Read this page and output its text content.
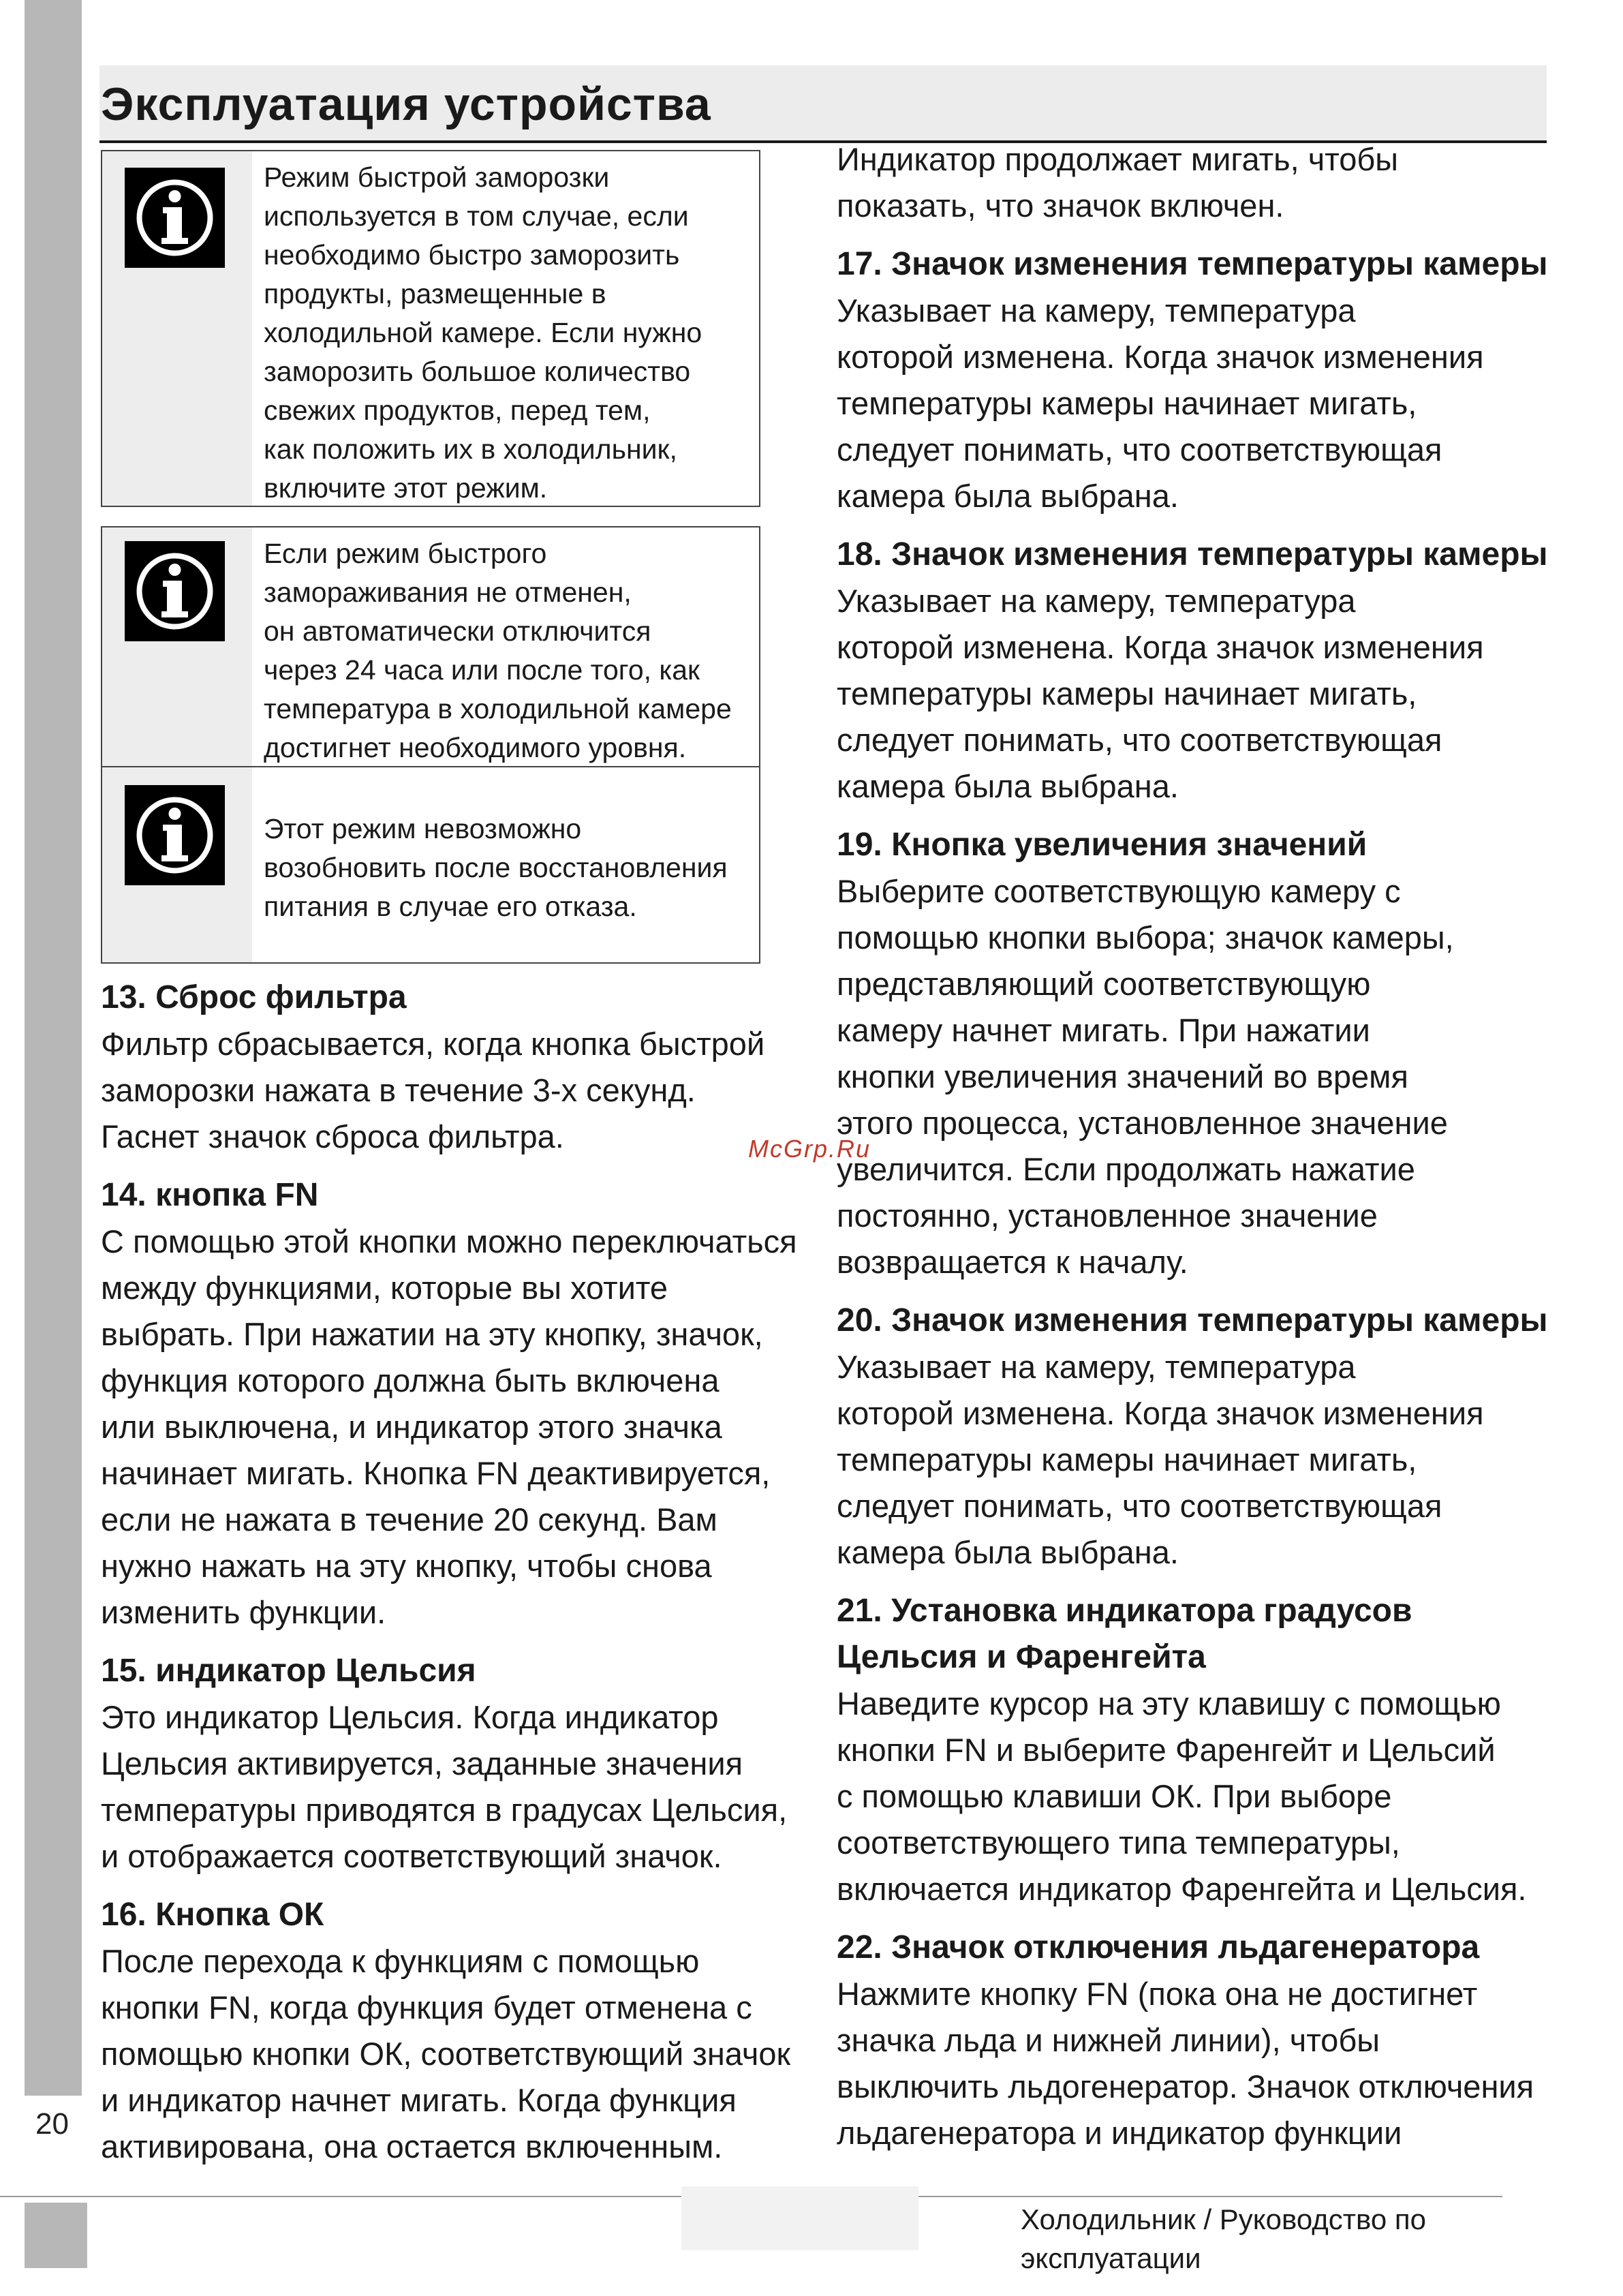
20
Эксплуатация устройства
Режим быстрой заморозки
используется в том случае, если
необходимо быстро заморозить
продукты, размещенные в
холодильной камере. Если нужно
заморозить большое количество
свежих продуктов, перед тем,
как положить их в холодильник,
включите этот режим.
Если режим быстрого
замораживания не отменен,
он автоматически отключится
через 24 часа или после того, как
температура в холодильной камере
достигнет необходимого уровня.
Этот режим невозможно
возобновить после восстановления
питания в случае его отказа.
13. Сброс фильтра
Фильтр сбрасывается, когда кнопка быстрой
заморозки нажата в течение 3-х секунд.
Гаснет значок сброса фильтра.
14. кнопка FN
С помощью этой кнопки можно переключаться
между функциями, которые вы хотите
выбрать. При нажатии на эту кнопку, значок,
функция которого должна быть включена
или выключена, и индикатор этого значка
начинает мигать. Кнопка FN деактивируется,
если не нажата в течение 20 секунд. Вам
нужно нажать на эту кнопку, чтобы снова
изменить функции.
15. индикатор Цельсия
Это индикатор Цельсия. Когда индикатор
Цельсия активируется, заданные значения
температуры приводятся в градусах Цельсия,
и отображается соответствующий значок.
16. Кнопка ОК
После перехода к функциям с помощью
кнопки FN, когда функция будет отменена с
помощью кнопки ОК, соответствующий значок
и индикатор начнет мигать. Когда функция
активирована, она остается включенным.

Индикатор продолжает мигать, чтобы
показать, что значок включен.

17. Значок изменения температуры камеры
Указывает на камеру, температура
которой изменена. Когда значок изменения
температуры камеры начинает мигать,
следует понимать, что соответствующая
камера была выбрана.
18. Значок изменения температуры камеры
Указывает на камеру, температура
которой изменена. Когда значок изменения
температуры камеры начинает мигать,
следует понимать, что соответствующая
камера была выбрана.
19. Кнопка увеличения значений
Выберите соответствующую камеру с
помощью кнопки выбора; значок камеры,
представляющий соответствующую
камеру начнет мигать. При нажатии
кнопки увеличения значений во время
этого процесса, установленное значение
увеличится. Если продолжать нажатие
постоянно, установленное значение
возвращается к началу.
20. Значок изменения температуры камеры
Указывает на камеру, температура
которой изменена. Когда значок изменения
температуры камеры начинает мигать,
следует понимать, что соответствующая
камера была выбрана.
21. Установка индикатора градусов
Цельсия и Фаренгейта
Наведите курсор на эту клавишу с помощью
кнопки FN и выберите Фаренгейт и Цельсий
с помощью клавиши ОК. При выборе
соответствующего типа температуры,
включается индикатор Фаренгейта и Цельсия.
22. Значок отключения льдагенератора
Нажмите кнопку FN (пока она не достигнет
значка льда и нижней линии), чтобы
выключить льдогенератор. Значок отключения
льдагенератора и индикатор функции
McGrp.Ru
Холодильник / Руководство по эксплуатации
